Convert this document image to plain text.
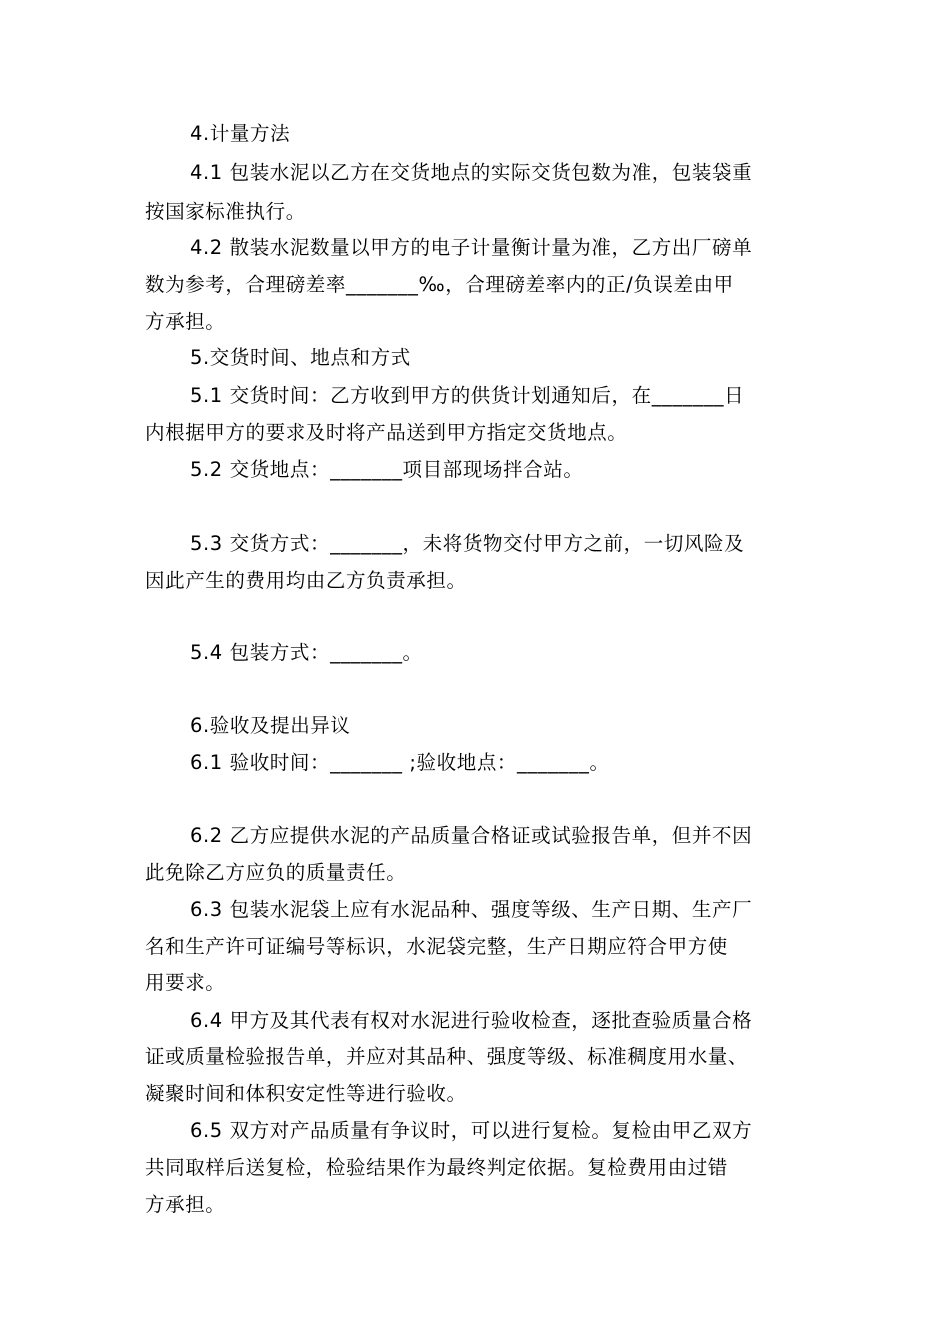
4.计量方法
4.1 包装水泥以乙方在交货地点的实际交货包数为准，包装袋重
按国家标准执行。
4.2 散装水泥数量以甲方的电子计量衡计量为准，乙方出厂磅单
数为参考，合理磅差率_______‰，合理磅差率内的正/负误差由甲
方承担。
5.交货时间、地点和方式
5.1 交货时间：乙方收到甲方的供货计划通知后，在_______日
内根据甲方的要求及时将产品送到甲方指定交货地点。
5.2 交货地点：_______项目部现场拌合站。
5.3 交货方式：_______，未将货物交付甲方之前，一切风险及
因此产生的费用均由乙方负责承担。
5.4 包装方式：_______。
6.验收及提出异议
6.1 验收时间：_______ ;验收地点：_______。
6.2 乙方应提供水泥的产品质量合格证或试验报告单，但并不因
此免除乙方应负的质量责任。
6.3 包装水泥袋上应有水泥品种、强度等级、生产日期、生产厂
名和生产许可证编号等标识，水泥袋完整，生产日期应符合甲方使
用要求。
6.4 甲方及其代表有权对水泥进行验收检查，逐批查验质量合格
证或质量检验报告单，并应对其品种、强度等级、标准稠度用水量、
凝聚时间和体积安定性等进行验收。
6.5 双方对产品质量有争议时，可以进行复检。复检由甲乙双方
共同取样后送复检，检验结果作为最终判定依据。复检费用由过错
方承担。
